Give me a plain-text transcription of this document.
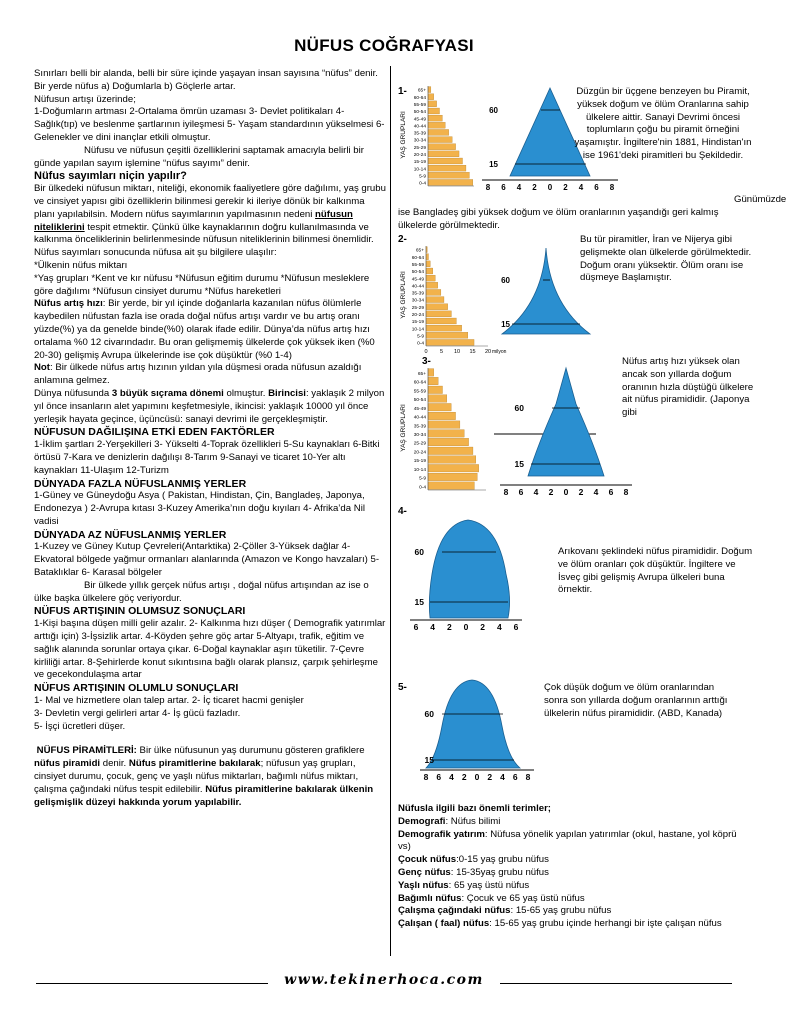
NÜFUS COĞRAFYASI

Sınırları belli bir alanda, belli bir süre içinde yaşayan insan sayısına “nüfus” denir. Bir yerde nüfus a) Doğumlarla b) Göçlerle artar.

Nüfusun artışı üzerinde;

1-Doğumların artması 2-Ortalama ömrün uzaması 3- Devlet politikaları 4-Sağlık(tıp) ve beslenme şartlarının iyileşmesi 5- Yaşam standardının yükselmesi 6-Gelenekler ve dini inançlar etkili olmuştur.

Nüfusu ve nüfusun çeşitli özelliklerini saptamak amacıyla belirli bir günde yapılan sayım işlemine “nüfus sayımı” denir.

Nüfus sayımları niçin yapılır?

Bir ülkedeki nüfusun miktarı, niteliği, ekonomik faaliyetlere göre dağılımı, yaş grubu ve cinsiyet yapısı gibi özelliklerin bilinmesi gerekir ki ileriye dönük bir kalkınma planı yapılabilsin. Modern nüfus sayımlarının yapılmasının nedeni nüfusun niteliklerini tespit etmektir. Çünkü ülke kaynaklarının doğru kullanılmasında ve kalkınma önceliklerinin belirlenmesinde nüfusun niteliklerinin bilinmesi önemlidir.

Nüfus sayımları sonucunda nüfusa ait şu bilgilere ulaşılır:

*Ülkenin nüfus miktarı

*Yaş grupları *Kent ve kır nüfusu *Nüfusun eğitim durumu *Nüfusun mesleklere göre dağılımı *Nüfusun cinsiyet durumu *Nüfus hareketleri

Nüfus artış hızı: Bir yerde, bir yıl içinde doğanlarla kazanılan nüfus ölümlerle kaybedilen nüfustan fazla ise orada doğal nüfus artışı vardır ve bu artış oranı yüzde(%) ya da genelde binde(%0) olarak ifade edilir. Dünya’da nüfus artış hızı ortalama %0 12 civarındadır. Bu oran gelişmemiş ülkelerde çok yüksek iken (%0 20-30) gelişmiş Avrupa ülkelerinde ise çok düşüktür (%0 1-4)

Not: Bir ülkede nüfus artış hızının yıldan yıla düşmesi orada nüfusun azaldığı anlamına gelmez.

Dünya nüfusunda 3 büyük sıçrama dönemi olmuştur. Birincisi: yaklaşık 2 milyon yıl önce insanların alet yapımını keşfetmesiyle, ikincisi: yaklaşık 10000 yıl önce yerleşik hayata geçince, üçüncüsü: sanayi devrimi ile gerçekleşmiştir.

NÜFUSUN DAĞILIŞINA ETKİ EDEN FAKTÖRLER

1-İklim şartları 2-Yerşekilleri 3- Yükselti 4-Toprak özellikleri 5-Su kaynakları 6-Bitki örtüsü 7-Kara ve denizlerin dağılışı 8-Tarım 9-Sanayi ve ticaret 10-Yer altı kaynakları 11-Ulaşım 12-Turizm

DÜNYADA FAZLA NÜFUSLANMIŞ YERLER

1-Güney ve Güneydoğu Asya ( Pakistan, Hindistan, Çin, Bangladeş, Japonya, Endonezya ) 2-Avrupa kıtası 3-Kuzey Amerika’nın doğu kıyıları 4- Afrika’da Nil vadisi

DÜNYADA AZ NÜFUSLANMIŞ YERLER

1-Kuzey ve Güney Kutup Çevreleri(Antarktika) 2-Çöller 3-Yüksek dağlar 4- Ekvatoral bölgede yağmur ormanları alanlarında (Amazon ve Kongo havzaları) 5- Bataklıklar 6- Karasal bölgeler

Bir ülkede yıllık gerçek nüfus artışı , doğal nüfus artışından az ise o ülke başka ülkelere göç veriyordur.

NÜFUS ARTIŞININ OLUMSUZ SONUÇLARI

1-Kişi başına düşen milli gelir azalır. 2- Kalkınma hızı düşer ( Demografik yatırımlar arttığı için) 3-İşsizlik artar. 4-Köyden şehre göç artar 5-Altyapı, trafik, eğitim ve sağlık alanında sorunlar ortaya çıkar. 6-Doğal kaynaklar aşırı tüketilir. 7-Çevre kirliliği artar. 8-Şehirlerde konut sıkıntısına bağlı olarak plansız, çarpık şehirleşme ve gecekondulaşma artar

NÜFUS ARTIŞININ OLUMLU SONUÇLARI

1- Mal ve hizmetlere olan talep artar. 2- İç ticaret hacmi genişler

3- Devletin vergi gelirleri artar 4- İş gücü fazladır.

5- İşçi ücretleri düşer.

NÜFUS PİRAMİTLERİ: Bir ülke nüfusunun yaş durumunu gösteren grafiklere nüfus piramidi denir. Nüfus piramitlerine bakılarak; nüfusun yaş grupları, cinsiyet durumu, çocuk, genç ve yaşlı nüfus miktarları, bağımlı nüfus miktarı, çalışma çağındaki nüfus tespit edilebilir. Nüfus piramitlerine bakılarak ülkenin gelişmişlik düzeyi hakkında yorum yapılabilir.

1-
YAŞ GRUPLARI
65+
60-64
55-59
50-54
45-49
40-44
35-39
30-34
25-29
20-24
15-19
10-14
5-9
0-4
60
15
8 6 4 2 0 2 4 6 8
Düzgün bir üçgene benzeyen bu Piramit, yüksek doğum ve ölüm Oranlarına sahip ülkelere aittir. Sanayi Devrimi öncesi toplumların çoğu bu piramit örneğini yaşamıştır. İngiltere'nin 1881, Hindistan'ın ise 1961'deki piramitleri bu Şekildedir.
Günümüzde ise Bangladeş gibi yüksek doğum ve ölüm oranlarının yaşandığı geri kalmış ülkelerde görülmektedir.
2-
YAŞ GRUPLARI
65+
60-64
55-59
50-54
45-49
40-44
35-39
30-34
25-29
20-24
15-19
10-14
5-9
0-4
0 5 10 15 20 milyon
60
15
Bu tür piramitler, İran ve Nijerya gibi gelişmekte olan ülkelerde görülmektedir. Doğum oranı yüksektir. Ölüm oranı ise düşmeye Başlamıştır.
3-
YAŞ GRUPLARI
65+
60-64
55-59
50-54
45-49
40-44
35-39
30-34
25-29
20-24
15-19
10-14
5-9
0-4
60
15
8 6 4 2 0 2 4 6 8
Nüfus artış hızı yüksek olan ancak son yıllarda doğum oranının hızla düştüğü ülkelere ait nüfus piramididir. (Japonya gibi
4-
60
15
6 4 2 0 2 4 6
Arıkovanı şeklindeki nüfus piramididir. Doğum ve ölüm oranları çok düşüktür. İngiltere ve İsveç gibi gelişmiş Avrupa ülkeleri buna örnektir.
5-
60
15
8 6 4 2 0 2 4 6 8
Çok düşük doğum ve ölüm oranlarından sonra son yıllarda doğum oranlarının arttığı ülkelerin nüfus piramididir. (ABD, Kanada)
Nüfusla ilgili bazı önemli terimler;
Demografi: Nüfus bilimi
Demografik yatırım: Nüfusa yönelik yapılan yatırımlar (okul, hastane, yol köprü vs)
Çocuk nüfus:0-15 yaş grubu nüfus
Genç nüfus: 15-35yaş grubu nüfus
Yaşlı nüfus: 65 yaş üstü nüfus
Bağımlı nüfus: Çocuk ve 65 yaş üstü nüfus
Çalışma çağındaki nüfus: 15-65 yaş grubu nüfus
Çalışan ( faal) nüfus: 15-65 yaş grubu içinde herhangi bir işte çalışan nüfus
www.tekinerhoca.com
